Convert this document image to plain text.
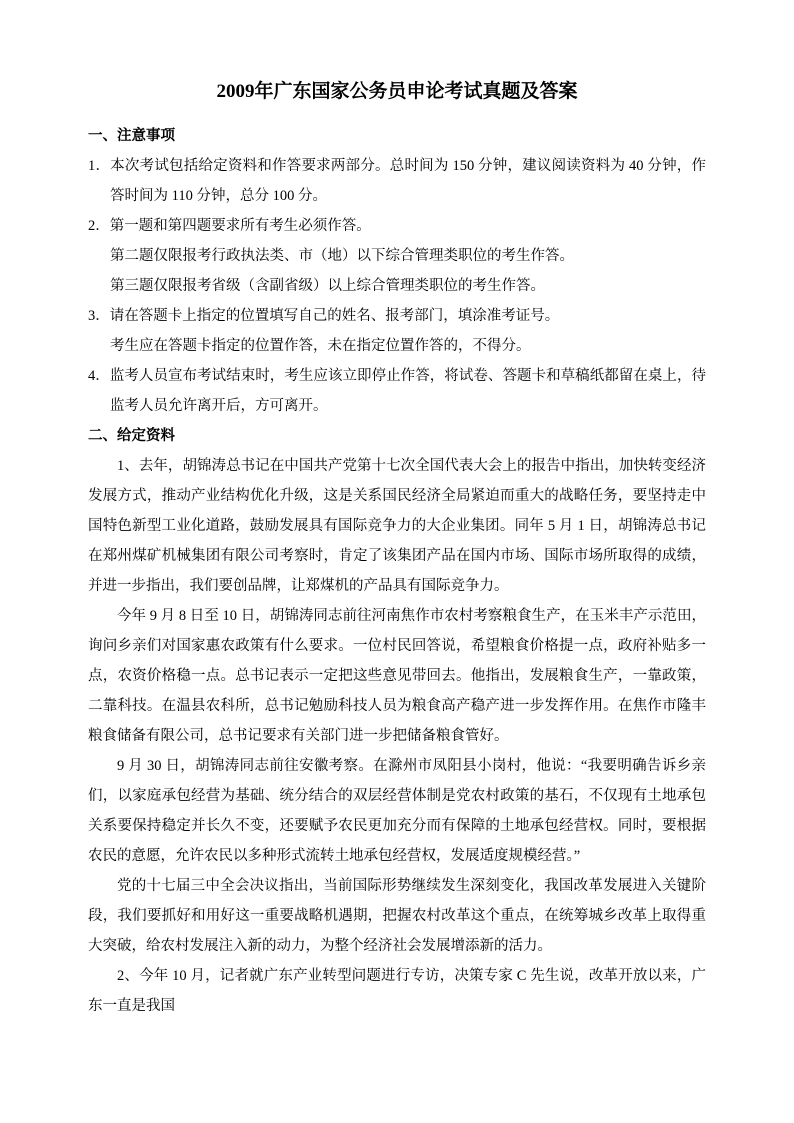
2009年广东国家公务员申论考试真题及答案

一、注意事项

1．本次考试包括给定资料和作答要求两部分。总时间为 150 分钟，建议阅读资料为 40 分钟，作答时间为 110 分钟，总分 100 分。

2．第一题和第四题要求所有考生必须作答。

第二题仅限报考行政执法类、市（地）以下综合管理类职位的考生作答。

第三题仅限报考省级（含副省级）以上综合管理类职位的考生作答。

3．请在答题卡上指定的位置填写自己的姓名、报考部门，填涂准考证号。

考生应在答题卡指定的位置作答，未在指定位置作答的，不得分。

4．监考人员宣布考试结束时，考生应该立即停止作答，将试卷、答题卡和草稿纸都留在桌上，待监考人员允许离开后，方可离开。

二、给定资料

1、去年，胡锦涛总书记在中国共产党第十七次全国代表大会上的报告中指出，加快转变经济发展方式，推动产业结构优化升级，这是关系国民经济全局紧迫而重大的战略任务，要坚持走中国特色新型工业化道路，鼓励发展具有国际竞争力的大企业集团。同年 5 月 1 日，胡锦涛总书记在郑州煤矿机械集团有限公司考察时，肯定了该集团产品在国内市场、国际市场所取得的成绩，并进一步指出，我们要创品牌，让郑煤机的产品具有国际竞争力。

今年 9 月 8 日至 10 日，胡锦涛同志前往河南焦作市农村考察粮食生产，在玉米丰产示范田，询问乡亲们对国家惠农政策有什么要求。一位村民回答说，希望粮食价格提一点，政府补贴多一点，农资价格稳一点。总书记表示一定把这些意见带回去。他指出，发展粮食生产，一靠政策，二靠科技。在温县农科所，总书记勉励科技人员为粮食高产稳产进一步发挥作用。在焦作市隆丰粮食储备有限公司，总书记要求有关部门进一步把储备粮食管好。

9 月 30 日，胡锦涛同志前往安徽考察。在滁州市凤阳县小岗村，他说：“我要明确告诉乡亲们，以家庭承包经营为基础、统分结合的双层经营体制是党农村政策的基石，不仅现有土地承包关系要保持稳定并长久不变，还要赋予农民更加充分而有保障的土地承包经营权。同时，要根据农民的意愿，允许农民以多种形式流转土地承包经营权，发展适度规模经营。”

党的十七届三中全会决议指出，当前国际形势继续发生深刻变化，我国改革发展进入关键阶段，我们要抓好和用好这一重要战略机遇期，把握农村改革这个重点，在统筹城乡改革上取得重大突破，给农村发展注入新的动力，为整个经济社会发展增添新的活力。

2、今年 10 月，记者就广东产业转型问题进行专访，决策专家 C 先生说，改革开放以来，广东一直是我国
